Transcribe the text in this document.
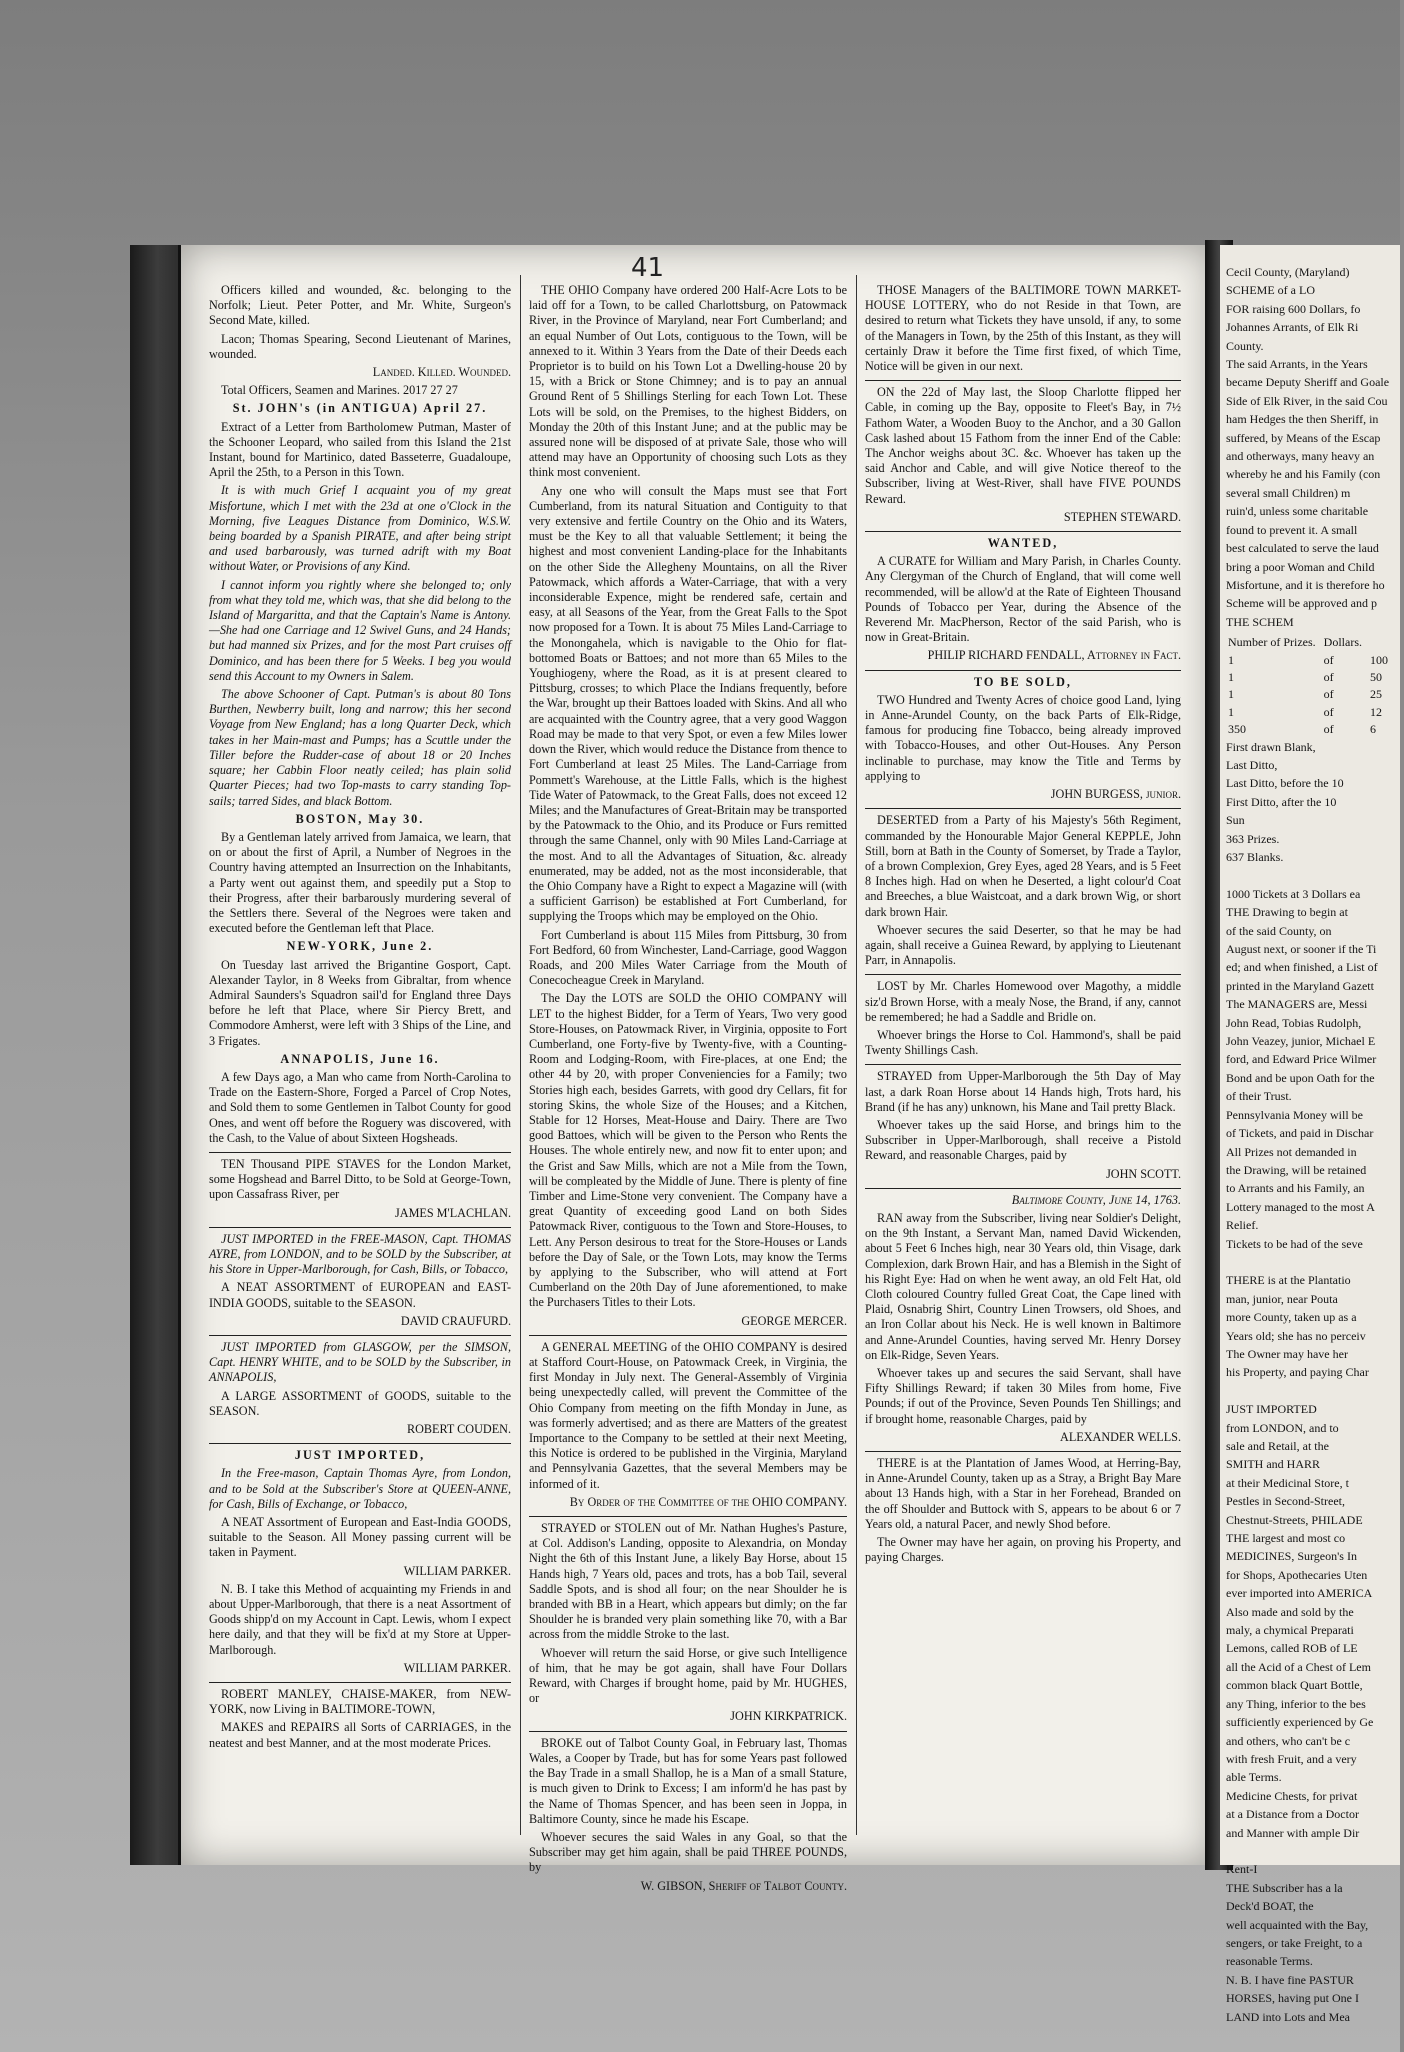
41

Officers killed and wounded, &c. belonging to the Norfolk; Lieut. Peter Potter, and Mr. White, Surgeon's Second Mate, killed.

Lacon; Thomas Spearing, Second Lieutenant of Marines, wounded.

Landed. Killed. Wounded.

Total Officers, Seamen and Marines. 2017 27 27

St. JOHN's (in ANTIGUA) April 27.

Extract of a Letter from Bartholomew Putman, Master of the Schooner Leopard, who sailed from this Island the 21st Instant, bound for Martinico, dated Basseterre, Guadaloupe, April the 25th, to a Person in this Town.

It is with much Grief I acquaint you of my great Misfortune, which I met with the 23d at one o'Clock in the Morning, five Leagues Distance from Dominico, W.S.W. being boarded by a Spanish PIRATE, and after being stript and used barbarously, was turned adrift with my Boat without Water, or Provisions of any Kind.

I cannot inform you rightly where she belonged to; only from what they told me, which was, that she did belong to the Island of Margaritta, and that the Captain's Name is Antony.—She had one Carriage and 12 Swivel Guns, and 24 Hands; but had manned six Prizes, and for the most Part cruises off Dominico, and has been there for 5 Weeks. I beg you would send this Account to my Owners in Salem.

The above Schooner of Capt. Putman's is about 80 Tons Burthen, Newberry built, long and narrow; this her second Voyage from New England; has a long Quarter Deck, which takes in her Main-mast and Pumps; has a Scuttle under the Tiller before the Rudder-case of about 18 or 20 Inches square; her Cabbin Floor neatly ceiled; has plain solid Quarter Pieces; had two Top-masts to carry standing Top-sails; tarred Sides, and black Bottom.

BOSTON, May 30.

By a Gentleman lately arrived from Jamaica, we learn, that on or about the first of April, a Number of Negroes in the Country having attempted an Insurrection on the Inhabitants, a Party went out against them, and speedily put a Stop to their Progress, after their barbarously murdering several of the Settlers there. Several of the Negroes were taken and executed before the Gentleman left that Place.

NEW-YORK, June 2.

On Tuesday last arrived the Brigantine Gosport, Capt. Alexander Taylor, in 8 Weeks from Gibraltar, from whence Admiral Saunders's Squadron sail'd for England three Days before he left that Place, where Sir Piercy Brett, and Commodore Amherst, were left with 3 Ships of the Line, and 3 Frigates.

ANNAPOLIS, June 16.

A few Days ago, a Man who came from North-Carolina to Trade on the Eastern-Shore, Forged a Parcel of Crop Notes, and Sold them to some Gentlemen in Talbot County for good Ones, and went off before the Roguery was discovered, with the Cash, to the Value of about Sixteen Hogsheads.

TEN Thousand PIPE STAVES for the London Market, some Hogshead and Barrel Ditto, to be Sold at George-Town, upon Cassafrass River, per

JAMES M'LACHLAN.

JUST IMPORTED in the FREE-MASON, Capt. THOMAS AYRE, from LONDON, and to be SOLD by the Subscriber, at his Store in Upper-Marlborough, for Cash, Bills, or Tobacco,

A NEAT ASSORTMENT of EUROPEAN and EAST-INDIA GOODS, suitable to the SEASON.

DAVID CRAUFURD.

JUST IMPORTED from GLASGOW, per the SIMSON, Capt. HENRY WHITE, and to be SOLD by the Subscriber, in ANNAPOLIS,

A LARGE ASSORTMENT of GOODS, suitable to the SEASON.

ROBERT COUDEN.

JUST IMPORTED,

In the Free-mason, Captain Thomas Ayre, from London, and to be Sold at the Subscriber's Store at QUEEN-ANNE, for Cash, Bills of Exchange, or Tobacco,

A NEAT Assortment of European and East-India GOODS, suitable to the Season. All Money passing current will be taken in Payment.

WILLIAM PARKER.

N. B. I take this Method of acquainting my Friends in and about Upper-Marlborough, that there is a neat Assortment of Goods shipp'd on my Account in Capt. Lewis, whom I expect here daily, and that they will be fix'd at my Store at Upper-Marlborough.

WILLIAM PARKER.

ROBERT MANLEY, CHAISE-MAKER, from NEW-YORK, now Living in BALTIMORE-TOWN,

MAKES and REPAIRS all Sorts of CARRIAGES, in the neatest and best Manner, and at the most moderate Prices.

THE OHIO Company have ordered 200 Half-Acre Lots to be laid off for a Town, to be called Charlottsburg, on Patowmack River, in the Province of Maryland, near Fort Cumberland; and an equal Number of Out Lots, contiguous to the Town, will be annexed to it. Within 3 Years from the Date of their Deeds each Proprietor is to build on his Town Lot a Dwelling-house 20 by 15, with a Brick or Stone Chimney; and is to pay an annual Ground Rent of 5 Shillings Sterling for each Town Lot. These Lots will be sold, on the Premises, to the highest Bidders, on Monday the 20th of this Instant June; and at the public may be assured none will be disposed of at private Sale, those who will attend may have an Opportunity of choosing such Lots as they think most convenient.

Any one who will consult the Maps must see that Fort Cumberland, from its natural Situation and Contiguity to that very extensive and fertile Country on the Ohio and its Waters, must be the Key to all that valuable Settlement; it being the highest and most convenient Landing-place for the Inhabitants on the other Side the Allegheny Mountains, on all the River Patowmack, which affords a Water-Carriage, that with a very inconsiderable Expence, might be rendered safe, certain and easy, at all Seasons of the Year, from the Great Falls to the Spot now proposed for a Town. It is about 75 Miles Land-Carriage to the Monongahela, which is navigable to the Ohio for flat-bottomed Boats or Battoes; and not more than 65 Miles to the Youghiogeny, where the Road, as it is at present cleared to Pittsburg, crosses; to which Place the Indians frequently, before the War, brought up their Battoes loaded with Skins. And all who are acquainted with the Country agree, that a very good Waggon Road may be made to that very Spot, or even a few Miles lower down the River, which would reduce the Distance from thence to Fort Cumberland at least 25 Miles. The Land-Carriage from Pommett's Warehouse, at the Little Falls, which is the highest Tide Water of Patowmack, to the Great Falls, does not exceed 12 Miles; and the Manufactures of Great-Britain may be transported by the Patowmack to the Ohio, and its Produce or Furs remitted through the same Channel, only with 90 Miles Land-Carriage at the most. And to all the Advantages of Situation, &c. already enumerated, may be added, not as the most inconsiderable, that the Ohio Company have a Right to expect a Magazine will (with a sufficient Garrison) be established at Fort Cumberland, for supplying the Troops which may be employed on the Ohio.

Fort Cumberland is about 115 Miles from Pittsburg, 30 from Fort Bedford, 60 from Winchester, Land-Carriage, good Waggon Roads, and 200 Miles Water Carriage from the Mouth of Conecocheague Creek in Maryland.

The Day the LOTS are SOLD the OHIO COMPANY will LET to the highest Bidder, for a Term of Years, Two very good Store-Houses, on Patowmack River, in Virginia, opposite to Fort Cumberland, one Forty-five by Twenty-five, with a Counting-Room and Lodging-Room, with Fire-places, at one End; the other 44 by 20, with proper Conveniencies for a Family; two Stories high each, besides Garrets, with good dry Cellars, fit for storing Skins, the whole Size of the Houses; and a Kitchen, Stable for 12 Horses, Meat-House and Dairy. There are Two good Battoes, which will be given to the Person who Rents the Houses. The whole entirely new, and now fit to enter upon; and the Grist and Saw Mills, which are not a Mile from the Town, will be compleated by the Middle of June. There is plenty of fine Timber and Lime-Stone very convenient. The Company have a great Quantity of exceeding good Land on both Sides Patowmack River, contiguous to the Town and Store-Houses, to Lett. Any Person desirous to treat for the Store-Houses or Lands before the Day of Sale, or the Town Lots, may know the Terms by applying to the Subscriber, who will attend at Fort Cumberland on the 20th Day of June aforementioned, to make the Purchasers Titles to their Lots.

GEORGE MERCER.

A GENERAL MEETING of the OHIO COMPANY is desired at Stafford Court-House, on Patowmack Creek, in Virginia, the first Monday in July next. The General-Assembly of Virginia being unexpectedly called, will prevent the Committee of the Ohio Company from meeting on the fifth Monday in June, as was formerly advertised; and as there are Matters of the greatest Importance to the Company to be settled at their next Meeting, this Notice is ordered to be published in the Virginia, Maryland and Pennsylvania Gazettes, that the several Members may be informed of it.

By Order of the Committee of the OHIO COMPANY.

STRAYED or STOLEN out of Mr. Nathan Hughes's Pasture, at Col. Addison's Landing, opposite to Alexandria, on Monday Night the 6th of this Instant June, a likely Bay Horse, about 15 Hands high, 7 Years old, paces and trots, has a bob Tail, several Saddle Spots, and is shod all four; on the near Shoulder he is branded with BB in a Heart, which appears but dimly; on the far Shoulder he is branded very plain something like 70, with a Bar across from the middle Stroke to the last.

Whoever will return the said Horse, or give such Intelligence of him, that he may be got again, shall have Four Dollars Reward, with Charges if brought home, paid by Mr. HUGHES, or

JOHN KIRKPATRICK.

BROKE out of Talbot County Goal, in February last, Thomas Wales, a Cooper by Trade, but has for some Years past followed the Bay Trade in a small Shallop, he is a Man of a small Stature, is much given to Drink to Excess; I am inform'd he has past by the Name of Thomas Spencer, and has been seen in Joppa, in Baltimore County, since he made his Escape.

Whoever secures the said Wales in any Goal, so that the Subscriber may get him again, shall be paid THREE POUNDS, by

W. GIBSON, Sheriff of Talbot County.

THOSE Managers of the BALTIMORE TOWN MARKET-HOUSE LOTTERY, who do not Reside in that Town, are desired to return what Tickets they have unsold, if any, to some of the Managers in Town, by the 25th of this Instant, as they will certainly Draw it before the Time first fixed, of which Time, Notice will be given in our next.

ON the 22d of May last, the Sloop Charlotte flipped her Cable, in coming up the Bay, opposite to Fleet's Bay, in 7½ Fathom Water, a Wooden Buoy to the Anchor, and a 30 Gallon Cask lashed about 15 Fathom from the inner End of the Cable: The Anchor weighs about 3C. &c. Whoever has taken up the said Anchor and Cable, and will give Notice thereof to the Subscriber, living at West-River, shall have FIVE POUNDS Reward.

STEPHEN STEWARD.

WANTED,

A CURATE for William and Mary Parish, in Charles County. Any Clergyman of the Church of England, that will come well recommended, will be allow'd at the Rate of Eighteen Thousand Pounds of Tobacco per Year, during the Absence of the Reverend Mr. MacPherson, Rector of the said Parish, who is now in Great-Britain.

PHILIP RICHARD FENDALL, Attorney in Fact.

TO BE SOLD,

TWO Hundred and Twenty Acres of choice good Land, lying in Anne-Arundel County, on the back Parts of Elk-Ridge, famous for producing fine Tobacco, being already improved with Tobacco-Houses, and other Out-Houses. Any Person inclinable to purchase, may know the Title and Terms by applying to

JOHN BURGESS, junior.

DESERTED from a Party of his Majesty's 56th Regiment, commanded by the Honourable Major General KEPPLE, John Still, born at Bath in the County of Somerset, by Trade a Taylor, of a brown Complexion, Grey Eyes, aged 28 Years, and is 5 Feet 8 Inches high. Had on when he Deserted, a light colour'd Coat and Breeches, a blue Waistcoat, and a dark brown Wig, or short dark brown Hair.

Whoever secures the said Deserter, so that he may be had again, shall receive a Guinea Reward, by applying to Lieutenant Parr, in Annapolis.

LOST by Mr. Charles Homewood over Magothy, a middle siz'd Brown Horse, with a mealy Nose, the Brand, if any, cannot be remembered; he had a Saddle and Bridle on.

Whoever brings the Horse to Col. Hammond's, shall be paid Twenty Shillings Cash.

STRAYED from Upper-Marlborough the 5th Day of May last, a dark Roan Horse about 14 Hands high, Trots hard, his Brand (if he has any) unknown, his Mane and Tail pretty Black.

Whoever takes up the said Horse, and brings him to the Subscriber in Upper-Marlborough, shall receive a Pistold Reward, and reasonable Charges, paid by

JOHN SCOTT.

Baltimore County, June 14, 1763.

RAN away from the Subscriber, living near Soldier's Delight, on the 9th Instant, a Servant Man, named David Wickenden, about 5 Feet 6 Inches high, near 30 Years old, thin Visage, dark Complexion, dark Brown Hair, and has a Blemish in the Sight of his Right Eye: Had on when he went away, an old Felt Hat, old Cloth coloured Country fulled Great Coat, the Cape lined with Plaid, Osnabrig Shirt, Country Linen Trowsers, old Shoes, and an Iron Collar about his Neck. He is well known in Baltimore and Anne-Arundel Counties, having served Mr. Henry Dorsey on Elk-Ridge, Seven Years.

Whoever takes up and secures the said Servant, shall have Fifty Shillings Reward; if taken 30 Miles from home, Five Pounds; if out of the Province, Seven Pounds Ten Shillings; and if brought home, reasonable Charges, paid by

ALEXANDER WELLS.

THERE is at the Plantation of James Wood, at Herring-Bay, in Anne-Arundel County, taken up as a Stray, a Bright Bay Mare about 13 Hands high, with a Star in her Forehead, Branded on the off Shoulder and Buttock with S, appears to be about 6 or 7 Years old, a natural Pacer, and newly Shod before.

The Owner may have her again, on proving his Property, and paying Charges.

Cecil County, (Maryland)

SCHEME of a LO

FOR raising 600 Dollars, fo

Johannes Arrants, of Elk Ri

County.

The said Arrants, in the Years

became Deputy Sheriff and Goale

Side of Elk River, in the said Cou

ham Hedges the then Sheriff, in

suffered, by Means of the Escap

and otherways, many heavy an

whereby he and his Family (con

several small Children) m

ruin'd, unless some charitable

found to prevent it. A small

best calculated to serve the laud

bring a poor Woman and Child

Misfortune, and it is therefore ho

Scheme will be approved and p

THE SCHEM

Number of Prizes.	Dollars.	
1	of	100
1	of	50
1	of	25
1	of	12
350	of	6

First drawn Blank,

Last Ditto,

Last Ditto, before the 10

First Ditto, after the 10

Sun

363 Prizes.

637 Blanks.

1000 Tickets at 3 Dollars ea

THE Drawing to begin at

of the said County, on

August next, or sooner if the Ti

ed; and when finished, a List of

printed in the Maryland Gazett

The MANAGERS are, Messi

John Read, Tobias Rudolph,

John Veazey, junior, Michael E

ford, and Edward Price Wilmer

Bond and be upon Oath for the

of their Trust.

Pennsylvania Money will be

of Tickets, and paid in Dischar

All Prizes not demanded in

the Drawing, will be retained

to Arrants and his Family, an

Lottery managed to the most A

Relief.

Tickets to be had of the seve

THERE is at the Plantatio

man, junior, near Pouta

more County, taken up as a

Years old; she has no perceiv

The Owner may have her

his Property, and paying Char

JUST IMPORTED

from LONDON, and to

sale and Retail, at the

SMITH and HARR

at their Medicinal Store, t

Pestles in Second-Street,

Chestnut-Streets, PHILADE

THE largest and most co

MEDICINES, Surgeon's In

for Shops, Apothecaries Uten

ever imported into AMERICA

Also made and sold by the

maly, a chymical Preparati

Lemons, called ROB of LE

all the Acid of a Chest of Lem

common black Quart Bottle,

any Thing, inferior to the bes

sufficiently experienced by Ge

and others, who can't be c

with fresh Fruit, and a very

able Terms.

Medicine Chests, for privat

at a Distance from a Doctor

and Manner with ample Dir

Kent-I

THE Subscriber has a la

Deck'd BOAT, the

well acquainted with the Bay,

sengers, or take Freight, to a

reasonable Terms.

N. B. I have fine PASTUR

HORSES, having put One I

LAND into Lots and Mea
